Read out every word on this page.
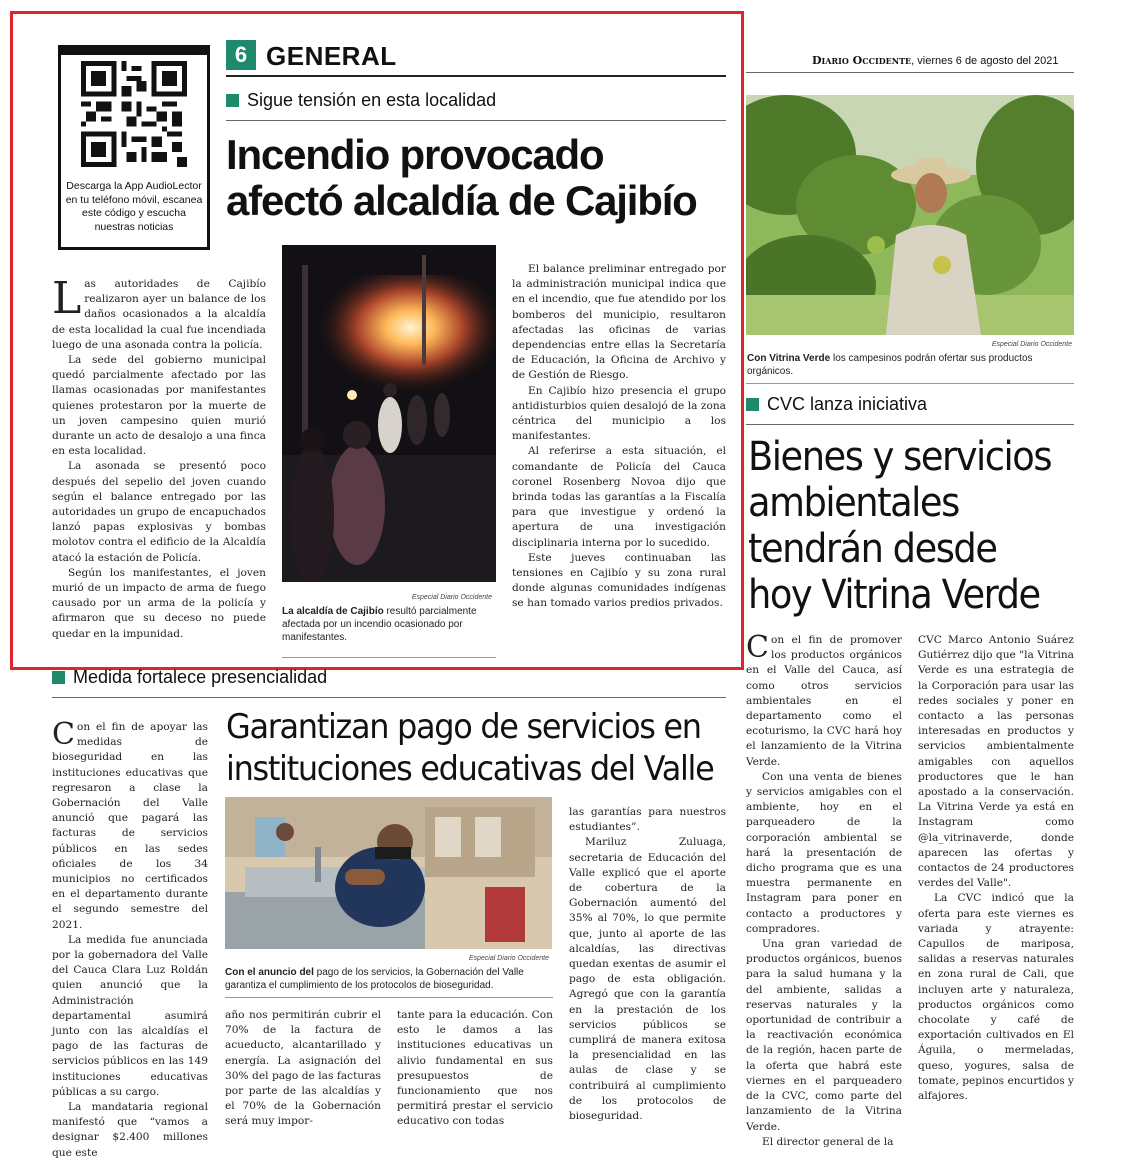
6 GENERAL	Diario Occidente, viernes 6 de agosto del 2021
Descarga la App AudioLector en tu teléfono móvil, escanea este código y escucha nuestras noticias
Sigue tensión en esta localidad
Incendio provocado
afectó alcaldía de Cajibío

Las autoridades de Cajibío realizaron ayer un balance de los daños ocasionados a la alcaldía de esta localidad la cual fue incendiada luego de una asonada contra la policía.

La sede del gobierno municipal quedó parcialmente afectado por las llamas ocasionadas por manifestantes quienes protestaron por la muerte de un joven campesino quien murió durante un acto de desalojo a una finca en esta localidad.

La asonada se presentó poco después del sepelio del joven cuando según el balance entregado por las autoridades un grupo de encapuchados lanzó papas explosivas y bombas molotov contra el edificio de la Alcaldía atacó la estación de Policía.

Según los manifestantes, el joven murió de un impacto de arma de fuego causado por un arma de la policía y afirmaron que su deceso no puede quedar en la impunidad.

Especial Diario Occidente
La alcaldía de Cajibío resultó parcialmente afectada por un incendio ocasionado por manifestantes.

El balance preliminar entregado por la administración municipal indica que en el incendio, que fue atendido por los bomberos del municipio, resultaron afectadas las oficinas de varias dependencias entre ellas la Secretaría de Educación, la Oficina de Archivo y de Gestión de Riesgo.

En Cajibío hizo presencia el grupo antidisturbios quien desalojó de la zona céntrica del municipio a los manifestantes.

Al referirse a esta situación, el comandante de Policía del Cauca coronel Rosenberg Novoa dijo que brinda todas las garantías a la Fiscalía para que investigue y ordenó la apertura de una investigación disciplinaria interna por lo sucedido.

Este jueves continuaban las tensiones en Cajibío y su zona rural donde algunas comunidades indígenas se han tomado varios predios privados.

Medida fortalece presencialidad

Con el fin de apoyar las medidas de bioseguridad en las instituciones educativas que regresaron a clase la Gobernación del Valle anunció que pagará las facturas de servicios públicos en las sedes oficiales de los 34 municipios no certificados en el departamento durante el segundo semestre del 2021.

La medida fue anunciada por la gobernadora del Valle del Cauca Clara Luz Roldán quien anunció que la Administración departamental asumirá junto con las alcaldías el pago de las facturas de servicios públicos en las 149 instituciones educativas públicas a su cargo.

La mandataria regional manifestó que “vamos a designar $2.400 millones que este

Garantizan pago de servicios en
instituciones educativas del Valle
Especial Diario Occidente
Con el anuncio del pago de los servicios, la Gobernación del Valle garantiza el cumplimiento de los protocolos de bioseguridad.

año nos permitirán cubrir el 70% de la factura de acueducto, alcantarillado y energía. La asignación del 30% del pago de las facturas por parte de las alcaldías y el 70% de la Gobernación será muy impor-

tante para la educación. Con esto le damos a las instituciones educativas un alivio fundamental en sus presupuestos de funcionamiento que nos permitirá prestar el servicio educativo con todas

las garantías para nuestros estudiantes”.

Mariluz Zuluaga, secretaria de Educación del Valle explicó que el aporte de cobertura de la Gobernación aumentó del 35% al 70%, lo que permite que, junto al aporte de las alcaldías, las directivas quedan exentas de asumir el pago de esta obligación. Agregó que con la garantía en la prestación de los servicios públicos se cumplirá de manera exitosa la presencialidad en las aulas de clase y se contribuirá al cumplimiento de los protocolos de bioseguridad.

Especial Diario Occidente
Con Vitrina Verde los campesinos podrán ofertar sus productos orgánicos.
CVC lanza iniciativa
Bienes y servicios
ambientales
tendrán desde
hoy Vitrina Verde

Con el fin de promover los productos orgánicos en el Valle del Cauca, así como otros servicios ambientales en el departamento como el ecoturismo, la CVC hará hoy el lanzamiento de la Vitrina Verde.

Con una venta de bienes y servicios amigables con el ambiente, hoy en el parqueadero de la corporación ambiental se hará la presentación de dicho programa que es una muestra permanente en Instagram para poner en contacto a productores y compradores.

Una gran variedad de productos orgánicos, buenos para la salud humana y la del ambiente, salidas a reservas naturales y la oportunidad de contribuir a la reactivación económica de la región, hacen parte de la oferta que habrá este viernes en el parqueadero de la CVC, como parte del lanzamiento de la Vitrina Verde.

El director general de la

CVC Marco Antonio Suárez Gutiérrez dijo que "la Vitrina Verde es una estrategia de la Corporación para usar las redes sociales y poner en contacto a las personas interesadas en productos y servicios ambientalmente amigables con aquellos productores que le han apostado a la conservación. La Vitrina Verde ya está en Instagram como @la_vitrinaverde, donde aparecen las ofertas y contactos de 24 productores verdes del Valle".

La CVC indicó que la oferta para este viernes es variada y atrayente: Capullos de mariposa, salidas a reservas naturales en zona rural de Cali, que incluyen arte y naturaleza, productos orgánicos como chocolate y café de exportación cultivados en El Águila, o mermeladas, queso, yogures, salsa de tomate, pepinos encurtidos y alfajores.
